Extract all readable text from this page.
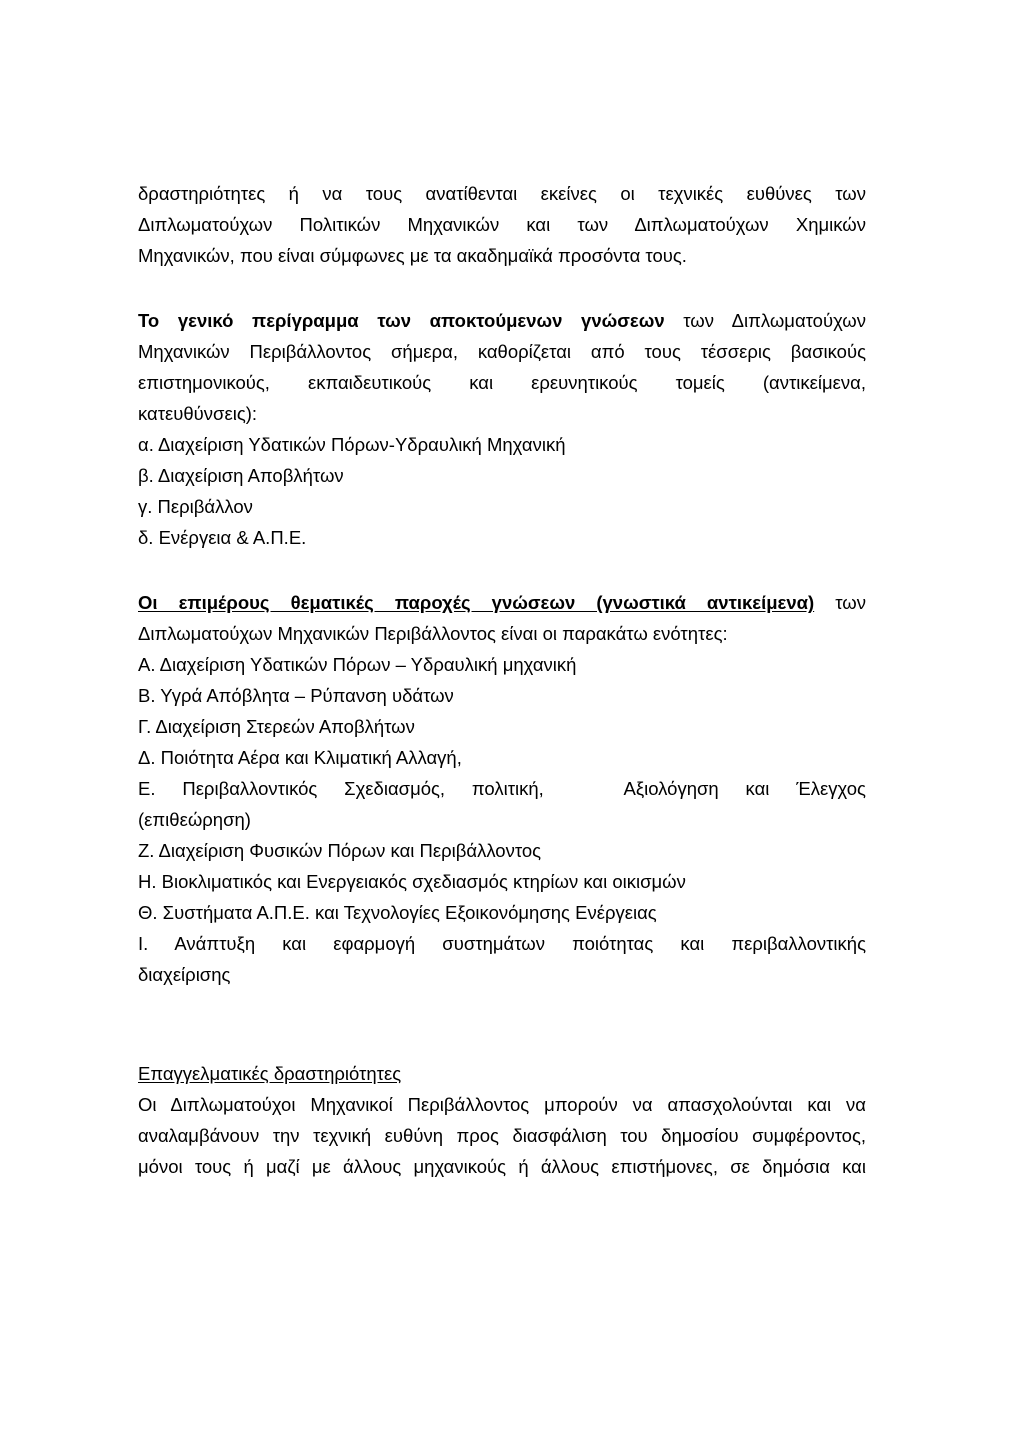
δραστηριότητες ή να τους ανατίθενται εκείνες οι τεχνικές ευθύνες των
Διπλωματούχων Πολιτικών Μηχανικών και των Διπλωματούχων Χημικών
Μηχανικών, που είναι σύμφωνες με τα ακαδημαϊκά προσόντα τους.
Το γενικό περίγραμμα των αποκτούμενων γνώσεων των Διπλωματούχων
Μηχανικών Περιβάλλοντος σήμερα, καθορίζεται από τους τέσσερις βασικούς
επιστημονικούς, εκπαιδευτικούς και ερευνητικούς τομείς (αντικείμενα,
κατευθύνσεις):
α. Διαχείριση Υδατικών Πόρων-Υδραυλική Μηχανική
β. Διαχείριση Αποβλήτων
γ. Περιβάλλον
δ. Ενέργεια & Α.Π.Ε.
Οι επιμέρους θεματικές παροχές γνώσεων (γνωστικά αντικείμενα) των
Διπλωματούχων Μηχανικών Περιβάλλοντος είναι οι παρακάτω ενότητες:
Α. Διαχείριση Υδατικών Πόρων – Υδραυλική μηχανική
Β. Υγρά Απόβλητα – Ρύπανση υδάτων
Γ. Διαχείριση Στερεών Αποβλήτων
Δ. Ποιότητα Αέρα και Κλιματική Αλλαγή,
Ε. Περιβαλλοντικός Σχεδιασμός, πολιτική,	Αξιολόγηση και Έλεγχος
(επιθεώρηση)
Ζ. Διαχείριση Φυσικών Πόρων και Περιβάλλοντος
Η. Βιοκλιματικός και Ενεργειακός σχεδιασμός κτηρίων και οικισμών
Θ. Συστήματα Α.Π.Ε. και Τεχνολογίες Εξοικονόμησης Ενέργειας
Ι. Ανάπτυξη και εφαρμογή συστημάτων ποιότητας και περιβαλλοντικής
διαχείρισης
Επαγγελματικές δραστηριότητες
Οι Διπλωματούχοι Μηχανικοί Περιβάλλοντος μπορούν να απασχολούνται και να
αναλαμβάνουν την τεχνική ευθύνη προς διασφάλιση του δημοσίου συμφέροντος,
μόνοι τους ή μαζί με άλλους μηχανικούς ή άλλους επιστήμονες, σε δημόσια και
